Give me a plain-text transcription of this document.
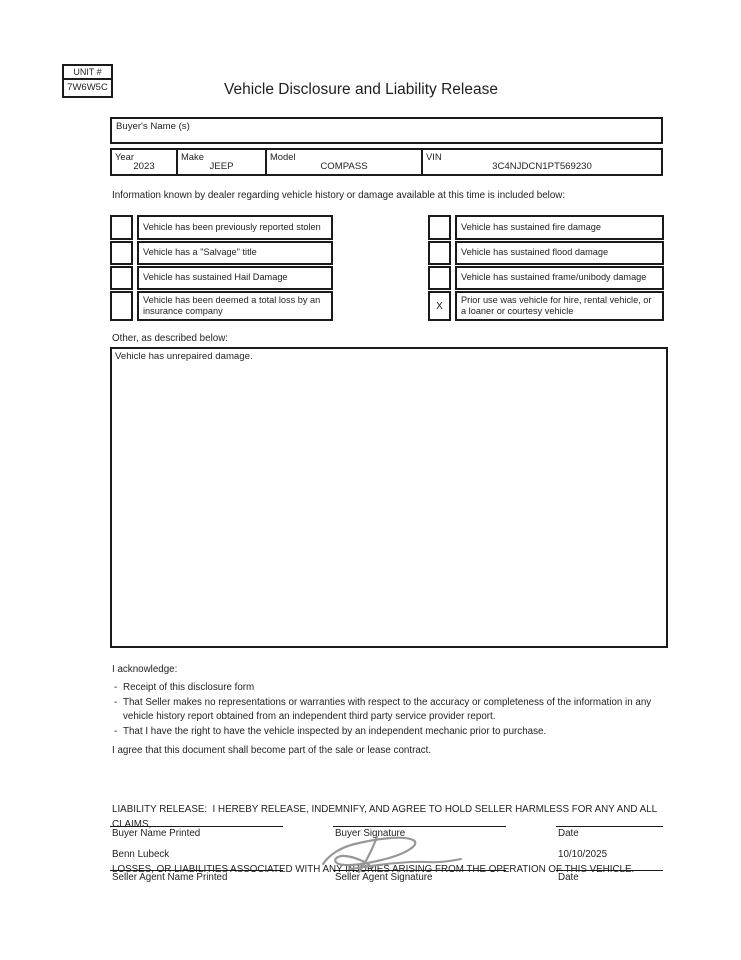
UNIT #
7W6W5C	Vehicle Disclosure and Liability Release
Buyer's Name (s)
Year
2023
Make
JEEP
Model
COMPASS
VIN
3C4NJDCN1PT569230
Information known by dealer regarding vehicle history or damage available at this time is included below:
Vehicle has been previously reported stolen
Vehicle has a "Salvage" title
Vehicle has sustained Hail Damage
Vehicle has been deemed a total loss by an insurance company
Vehicle has sustained fire damage
Vehicle has sustained flood damage
Vehicle has sustained frame/unibody damage
X
Prior use was vehicle for hire, rental vehicle, or a loaner or courtesy vehicle
Other, as described below:
Vehicle has unrepaired damage.
I acknowledge:
- Receipt of this disclosure form
- That Seller makes no representations or warranties with respect to the accuracy or completeness of the information in any vehicle history report obtained from an independent third party service provider report.
- That I have the right to have the vehicle inspected by an independent mechanic prior to purchase.
I agree that this document shall become part of the sale or lease contract.

LIABILITY RELEASE:  I HEREBY RELEASE, INDEMNIFY, AND AGREE TO HOLD SELLER HARMLESS FOR ANY AND ALL CLAIMS,

LOSSES, OR LIABILITIES ASSOCIATED WITH ANY INJURIES ARISING FROM THE OPERATION OF THIS VEHICLE.

Buyer Name Printed
Benn Lubeck
Seller Agent Name Printed
Buyer Signature
Seller Agent Signature
Date
10/10/2025
Date
